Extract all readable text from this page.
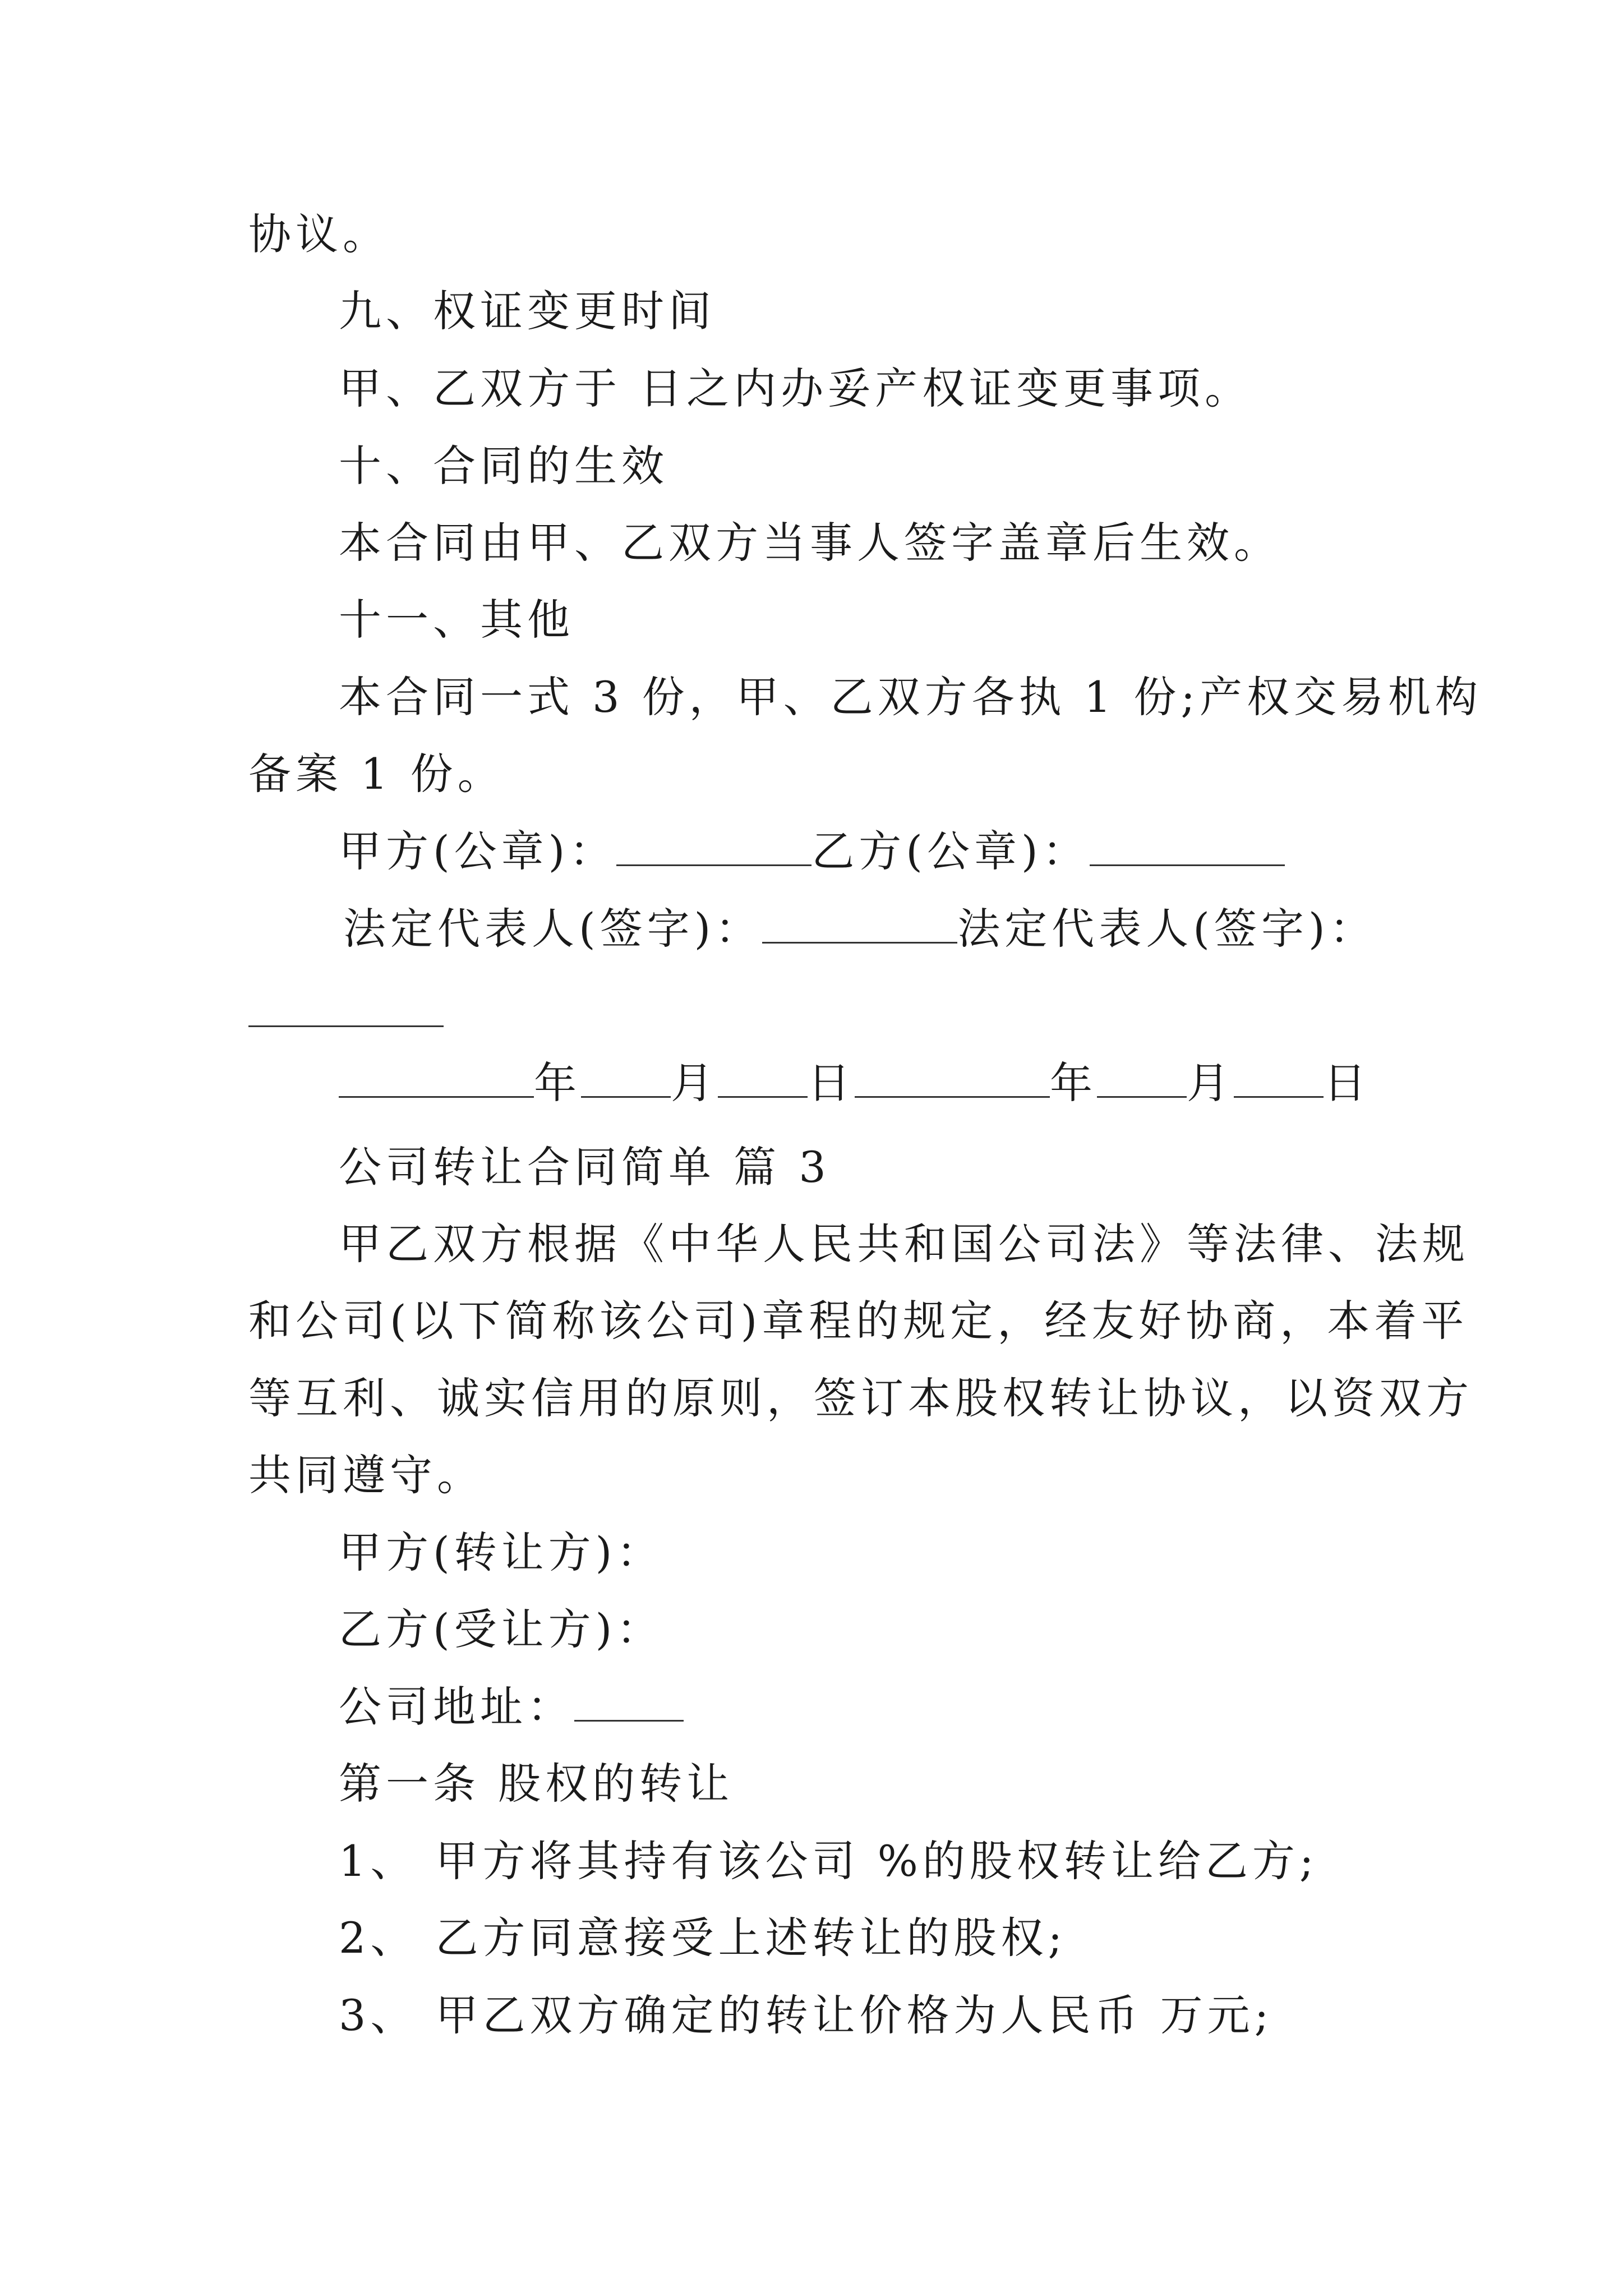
协议。
九、权证变更时间
甲、乙双方于 日之内办妥产权证变更事项。
十、合同的生效
本合同由甲、乙双方当事人签字盖章后生效。
十一、其他
本合同一式 3 份，甲、乙双方各执 1 份;产权交易机构
备案 1 份。
甲方(公章)：	乙方(公章)：
法定代表人(签字)：	法定代表人(签字)：
年 月 日	年 月 日
公司转让合同简单 篇 3
甲乙双方根据《中华人民共和国公司法》等法律、法规
和公司(以下简称该公司)章程的规定，经友好协商，本着平
等互利、诚实信用的原则，签订本股权转让协议，以资双方
共同遵守。
甲方(转让方)：
乙方(受让方)：
公司地址：
第一条 股权的转让
1、 甲方将其持有该公司 %的股权转让给乙方;
2、 乙方同意接受上述转让的股权;
3、 甲乙双方确定的转让价格为人民币 万元;
